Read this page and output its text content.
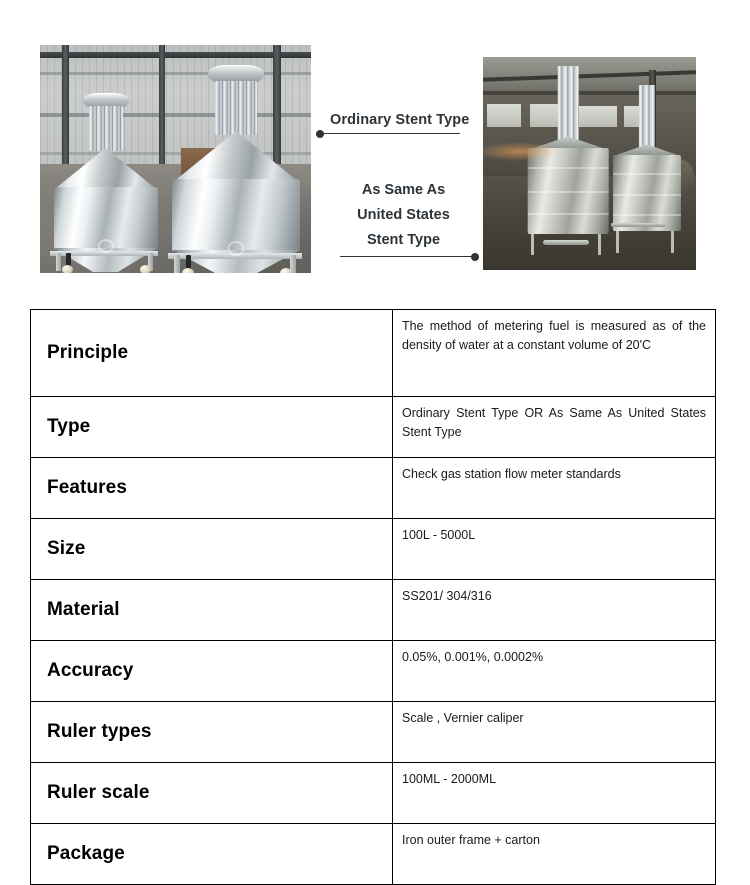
Ordinary Stent Type
As Same As
United States
Stent Type
Principle	The method of metering fuel is measured as of the density of water at a constant volume of 20'C
Type	Ordinary Stent Type OR As Same As United States Stent Type
Features	Check gas station flow meter standards
Size	100L - 5000L
Material	SS201/ 304/316
Accuracy	0.05%, 0.001%, 0.0002%
Ruler types	Scale , Vernier caliper
Ruler scale	100ML - 2000ML
Package	Iron outer frame + carton
